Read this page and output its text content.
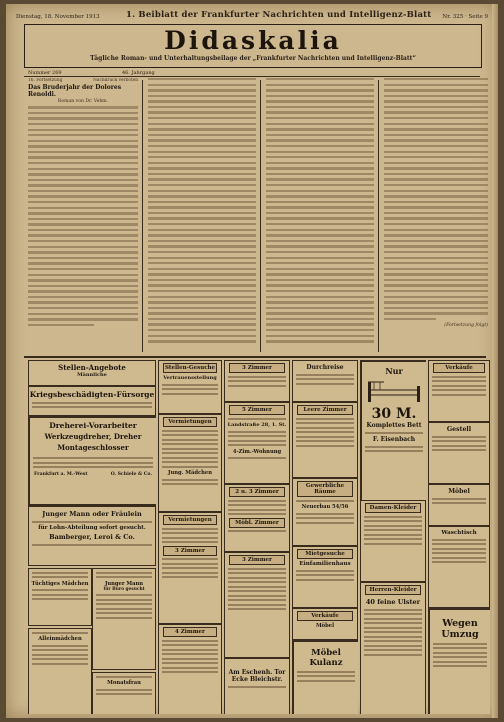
Dienstag, 18. November 1913	1. Beiblatt der Frankfurter Nachrichten und Intelligenz-Blatt Nr. 325 · Seite 9
Didaskalia
Tägliche Roman- und Unterhaltungsbeilage der „Frankfurter Nachrichten und Intelligenz-Blatt“
Nummer 269	46. Jahrgang
16. Fortsetzung	Nachdruck verboten
Das Bruderjahr der Dolores Renoldi.
Roman von Dr. Vehm.
(Fortsetzung folgt)
Stellen-Angebote
Männliche
Kriegsbeschädigten-Fürsorge
Dreherei-Vorarbeiter
Werkzeugdreher, Dreher
Montageschlosser
Frankfurt a. M.-West	O. Schiele & Co.
Junger Mann oder Fräulein
für Lohn-Abteilung sofort gesucht.
Bamberger, Leroi & Co.
Tüchtiges Mädchen
Alleinmädchen
Junger Mann
für Büro gesucht
Monatsfrau
Stellen-Gesuche
Vertrauensstellung
Vermietungen
Jung. Mädchen
Vermietungen
3 Zimmer
4 Zimmer
3 Zimmer
5 Zimmer
Landstraße 28, 1. St.
4-Zim.-Wohnung
2 u. 3 Zimmer
Möbl. Zimmer
3 Zimmer
Am Eschenh. Tor Ecke Bleichstr.
Durchreise
Leere Zimmer
Gewerbliche Räume
Neuerbau 54/56
Mietgesuche
Einfamilienhaus
Verkäufe
Möbel
Möbel Kulanz
Nur
30 M.
Komplettes Bett
F. Eisenbach
Damen-Kleider
Herren-Kleider
40 feine Ulster
Verkäufe
Gestell
Möbel
Waschtisch
Wegen Umzug
